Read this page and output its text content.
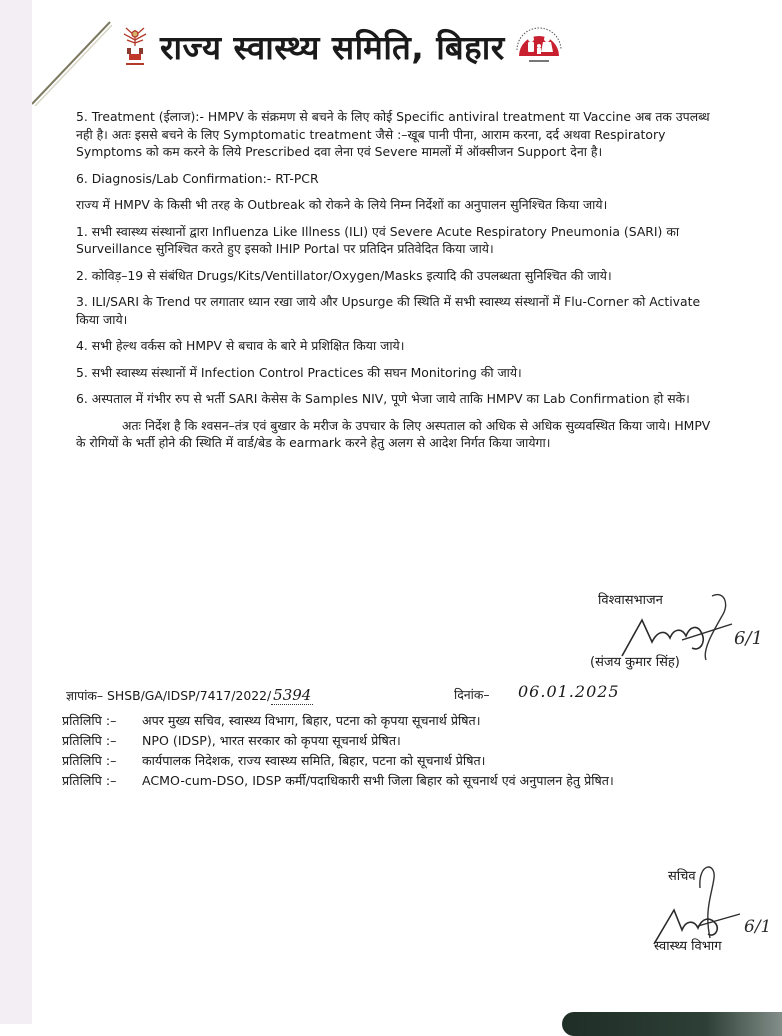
राज्य स्वास्थ्य समिति, बिहार

5. Treatment (ईलाज):- HMPV के संक्रमण से बचने के लिए कोई Specific antiviral treatment या Vaccine अब तक उपलब्ध नही है। अतः इससे बचने के लिए Symptomatic treatment जैसे :–खूब पानी पीना, आराम करना, दर्द अथवा Respiratory Symptoms को कम करने के लिये Prescribed दवा लेना एवं Severe मामलों में ऑक्सीजन Support देना है।

6. Diagnosis/Lab Confirmation:- RT-PCR

राज्य में HMPV के किसी भी तरह के Outbreak को रोकने के लिये निम्न निर्देशों का अनुपालन सुनिश्चित किया जाये।

1. सभी स्वास्थ्य संस्थानों द्वारा Influenza Like Illness (ILI) एवं Severe Acute Respiratory Pneumonia (SARI) का Surveillance सुनिश्चित करते हुए इसको IHIP Portal पर प्रतिदिन प्रतिवेदित किया जाये।

2. कोविड़–19 से संबंधित Drugs/Kits/Ventillator/Oxygen/Masks इत्यादि की उपलब्धता सुनिश्चित की जाये।

3. ILI/SARI के Trend पर लगातार ध्यान रखा जाये और Upsurge की स्थिति में सभी स्वास्थ्य संस्थानों में Flu-Corner को Activate किया जाये।

4. सभी हेल्थ वर्कस को HMPV से बचाव के बारे मे प्रशिक्षित किया जाये।

5. सभी स्वास्थ्य संस्थानों में Infection Control Practices की सघन Monitoring की जाये।

6. अस्पताल में गंभीर रुप से भर्ती SARI केसेस के Samples NIV, पूणे भेजा जाये ताकि HMPV का Lab Confirmation हो सके।

अतः निर्देश है कि श्वसन–तंत्र एवं बुखार के मरीज के उपचार के लिए अस्पताल को अधिक से अधिक सुव्यवस्थित किया जाये। HMPV के रोगियों के भर्ती होने की स्थिति में वार्ड/बेड के earmark करने हेतु अलग से आदेश निर्गत किया जायेगा।

विश्वासभाजन
(संजय कुमार सिंह)
6/1
ज्ञापांक– SHSB/GA/IDSP/7417/2022/ 5394	दिनांक– 06.01.2025
प्रतिलिपि :–	अपर मुख्य सचिव, स्वास्थ्य विभाग, बिहार, पटना को कृपया सूचनार्थ प्रेषित।
प्रतिलिपि :–	NPO (IDSP), भारत सरकार को कृपया सूचनार्थ प्रेषित।
प्रतिलिपि :–	कार्यपालक निदेशक, राज्य स्वास्थ्य समिति, बिहार, पटना को सूचनार्थ प्रेषित।
प्रतिलिपि :–	ACMO-cum-DSO, IDSP कर्मी/पदाधिकारी सभी जिला बिहार को सूचनार्थ एवं अनुपालन हेतु प्रेषित।
सचिव
स्वास्थ्य विभाग
6/1
